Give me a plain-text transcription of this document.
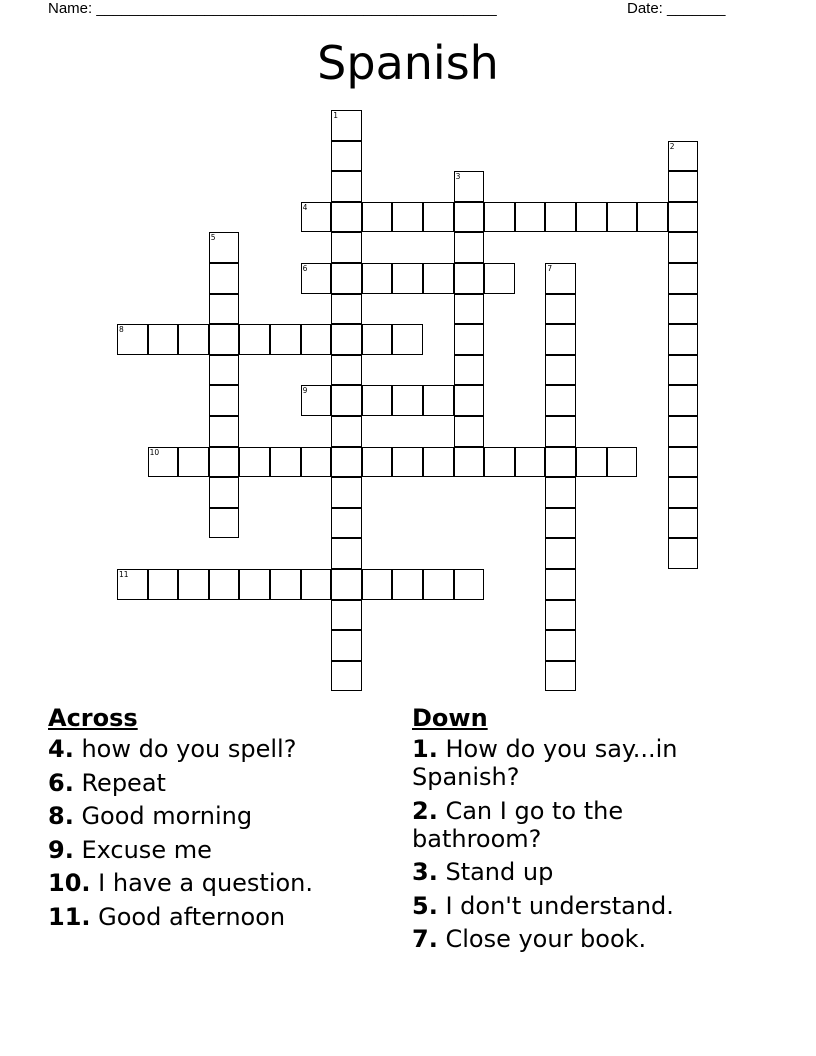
Name: ________________________________________________	Date: _______
Spanish
1
2
3
4
5
6	7
8
9
10
11
Across
4. how do you spell?
6. Repeat
8. Good morning
9. Excuse me
10. I have a question.
11. Good afternoon
Down
1. How do you say...in Spanish?
2. Can I go to the bathroom?
3. Stand up
5. I don't understand.
7. Close your book.
